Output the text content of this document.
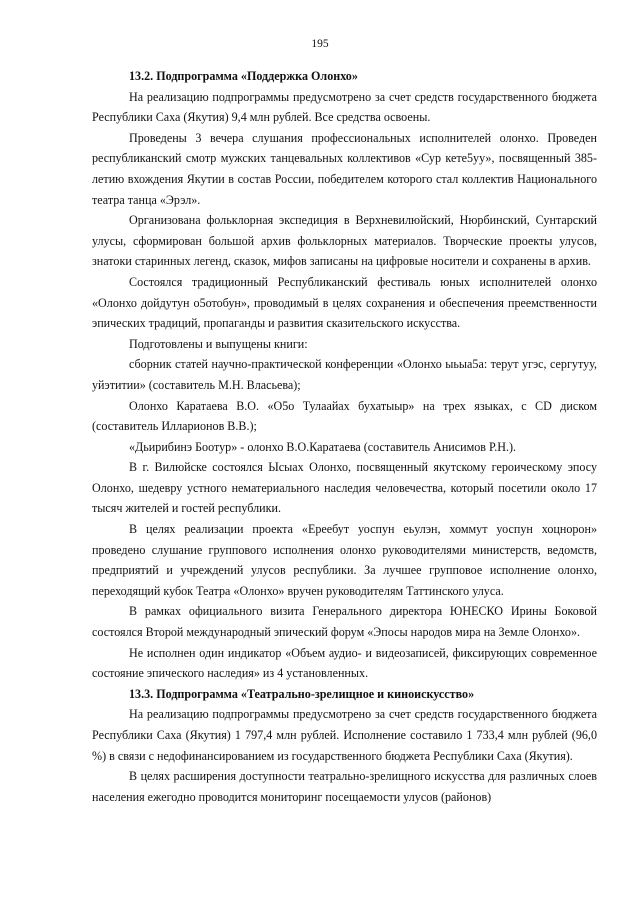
195

13.2. Подпрограмма «Поддержка Олонхо»

На реализацию подпрограммы предусмотрено за счет средств государственного бюджета Республики Саха (Якутия) 9,4 млн рублей. Все средства освоены.

Проведены 3 вечера слушания профессиональных исполнителей олонхо. Проведен республиканский смотр мужских танцевальных коллективов «Сур кетe5уу», посвященный 385-летию вхождения Якутии в состав России, победителем которого стал коллектив Национального театра танца «Эрэл».

Организована фольклорная экспедиция в Верхневилюйский, Нюрбинский, Сунтарский улусы, сформирован большой архив фольклорных материалов. Творческие проекты улусов, знатоки старинных легенд, сказок, мифов записаны на цифровые носители и сохранены в архив.

Состоялся традиционный Республиканский фестиваль юных исполнителей олонхо «Олонхо дойдутун о5отобун», проводимый в целях сохранения и обеспечения преемственности эпических традиций, пропаганды и развития сказительского искусства.

Подготовлены и выпущены книги:

сборник статей научно-практической конференции «Олонхо ыьыа5а: терут угэс, сергутуу, уйэтитии» (составитель М.Н. Власьева);

Олонхо Каратаева В.О. «О5о Тулаайах бухатыыр» на трех языках, с CD диском (составитель Илларионов В.В.);

«Дьирибинэ Боотур» - олонхо В.О.Каратаева (составитель Анисимов Р.Н.).

В г. Вилюйске состоялся Ысыах Олонхо, посвященный якутскому героическому эпосу Олонхо, шедевру устного нематериального наследия человечества, который посетили около 17 тысяч жителей и гостей республики.

В целях реализации проекта «Ереебут уоспун еьулэн, хоммут уоспун хоцнорон» проведено слушание группового исполнения олонхо руководителями министерств, ведомств, предприятий и учреждений улусов республики. За лучшее групповое исполнение олонхо, переходящий кубок Театра «Олонхо» вручен руководителям Таттинского улуса.

В рамках официального визита Генерального директора ЮНЕСКО Ирины Боковой состоялся Второй международный эпический форум «Эпосы народов мира на Земле Олонхо».

Не исполнен один индикатор «Объем аудио- и видеозаписей, фиксирующих современное состояние эпического наследия» из 4 установленных.

13.3. Подпрограмма «Театрально-зрелищное и киноискусство»

На реализацию подпрограммы предусмотрено за счет средств государственного бюджета Республики Саха (Якутия) 1 797,4 млн рублей. Исполнение составило 1 733,4 млн рублей (96,0 %) в связи с недофинансированием из государственного бюджета Республики Саха (Якутия).

В целях расширения доступности театрально-зрелищного искусства для различных слоев населения ежегодно проводится мониторинг посещаемости улусов (районов)
